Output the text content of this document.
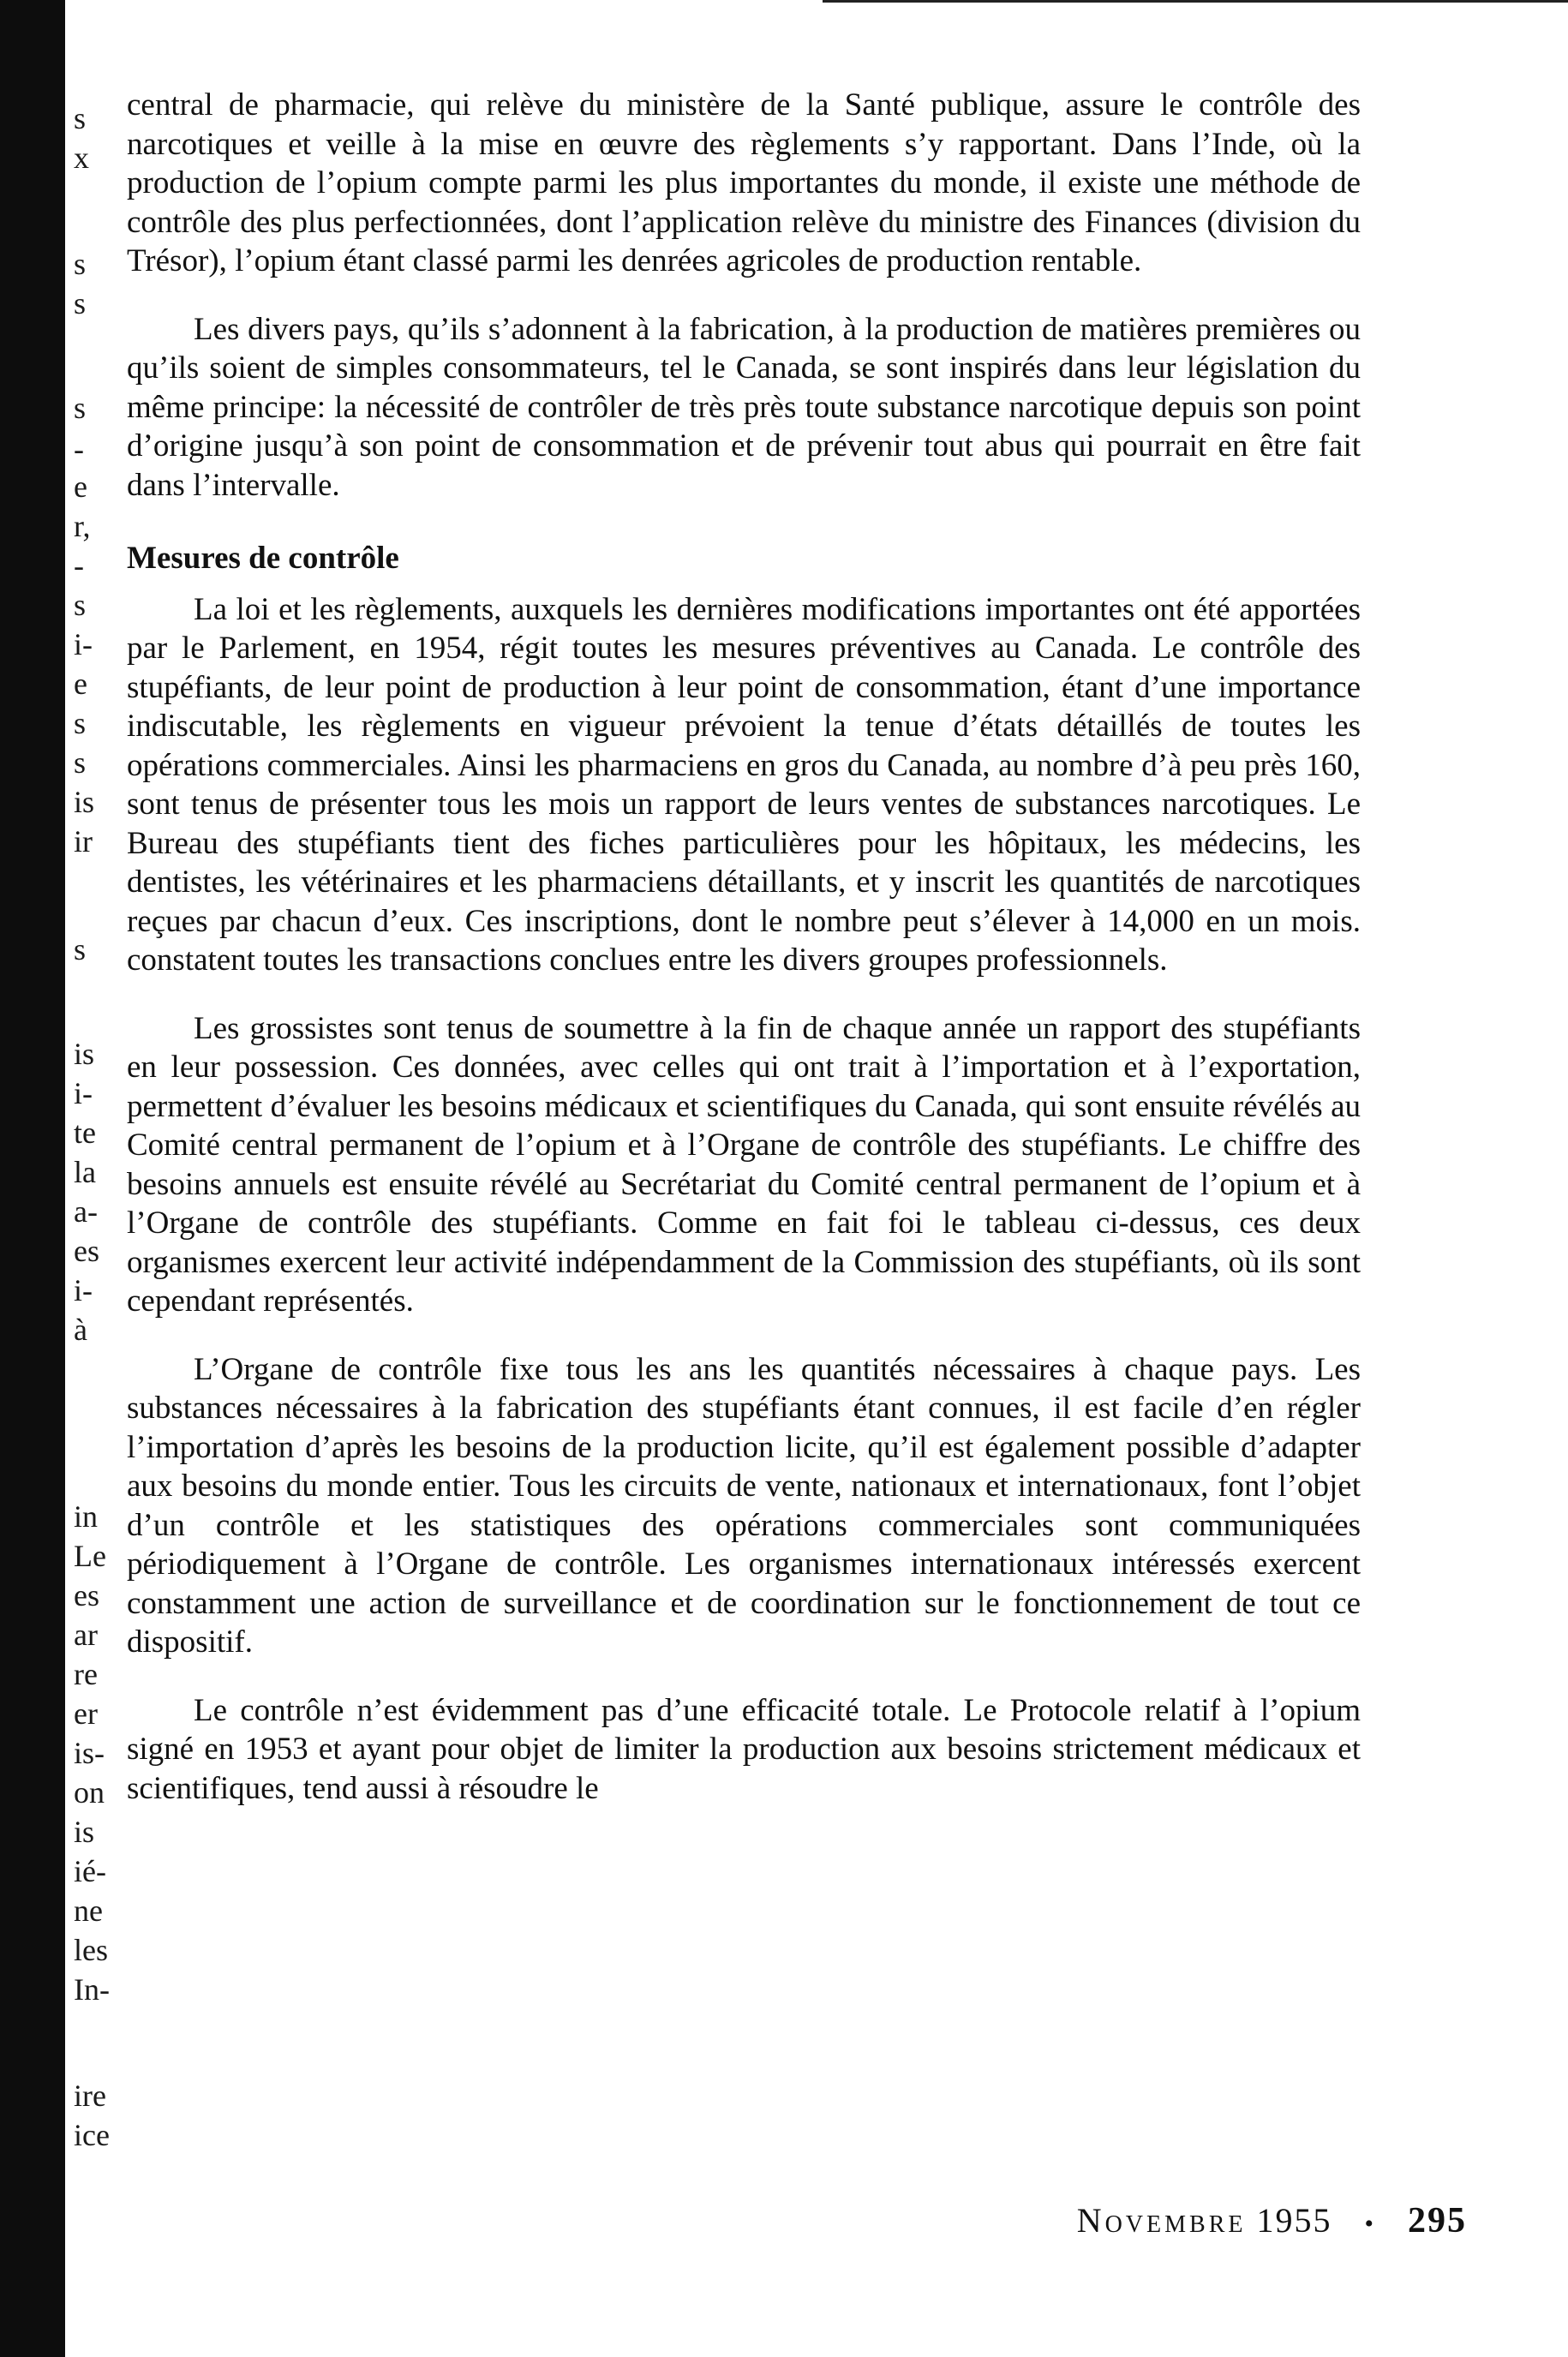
s
x
s
s
s
-
e
r,
-
s
i-
e
s
s
is
ir
s
is
i-
te
la
a-
es
i-
à
in
Le
es
ar
re
er
is-
on
is
ié-
ne
les
In-
ire
ice

central de pharmacie, qui relève du ministère de la Santé publique, assure le contrôle des narcotiques et veille à la mise en œuvre des règlements s’y rapportant. Dans l’Inde, où la production de l’opium compte parmi les plus importantes du monde, il existe une méthode de contrôle des plus perfectionnées, dont l’application relève du ministre des Finances (division du Trésor), l’opium étant classé parmi les denrées agricoles de production rentable.

Les divers pays, qu’ils s’adonnent à la fabrication, à la production de matières premières ou qu’ils soient de simples consommateurs, tel le Canada, se sont inspirés dans leur législation du même principe: la nécessité de contrôler de très près toute substance narcotique depuis son point d’origine jusqu’à son point de consommation et de prévenir tout abus qui pourrait en être fait dans l’intervalle.

Mesures de contrôle

La loi et les règlements, auxquels les dernières modifications importantes ont été apportées par le Parlement, en 1954, régit toutes les mesures préventives au Canada. Le contrôle des stupéfiants, de leur point de production à leur point de consommation, étant d’une importance indiscutable, les règlements en vigueur prévoient la tenue d’états détaillés de toutes les opérations commerciales. Ainsi les pharmaciens en gros du Canada, au nombre d’à peu près 160, sont tenus de présenter tous les mois un rapport de leurs ventes de substances narcotiques. Le Bureau des stupéfiants tient des fiches particulières pour les hôpitaux, les médecins, les dentistes, les vétérinaires et les pharmaciens détaillants, et y inscrit les quantités de narcotiques reçues par chacun d’eux. Ces inscriptions, dont le nombre peut s’élever à 14,000 en un mois. constatent toutes les transactions conclues entre les divers groupes professionnels.

Les grossistes sont tenus de soumettre à la fin de chaque année un rapport des stupéfiants en leur possession. Ces données, avec celles qui ont trait à l’importation et à l’exportation, permettent d’évaluer les besoins médicaux et scientifiques du Canada, qui sont ensuite révélés au Comité central permanent de l’opium et à l’Organe de contrôle des stupéfiants. Le chiffre des besoins annuels est ensuite révélé au Secrétariat du Comité central permanent de l’opium et à l’Organe de contrôle des stupéfiants. Comme en fait foi le tableau ci-dessus, ces deux organismes exercent leur activité indépendamment de la Commission des stupéfiants, où ils sont cependant représentés.

L’Organe de contrôle fixe tous les ans les quantités nécessaires à chaque pays. Les substances nécessaires à la fabrication des stupéfiants étant connues, il est facile d’en régler l’importation d’après les besoins de la production licite, qu’il est également possible d’adapter aux besoins du monde entier. Tous les circuits de vente, nationaux et internationaux, font l’objet d’un contrôle et les statistiques des opérations commerciales sont communiquées périodiquement à l’Organe de contrôle. Les organismes internationaux intéressés exercent constamment une action de surveillance et de coordination sur le fonctionnement de tout ce dispositif.

Le contrôle n’est évidemment pas d’une efficacité totale. Le Protocole relatif à l’opium signé en 1953 et ayant pour objet de limiter la production aux besoins strictement médicaux et scientifiques, tend aussi à résoudre le

Novembre 1955 • 295
